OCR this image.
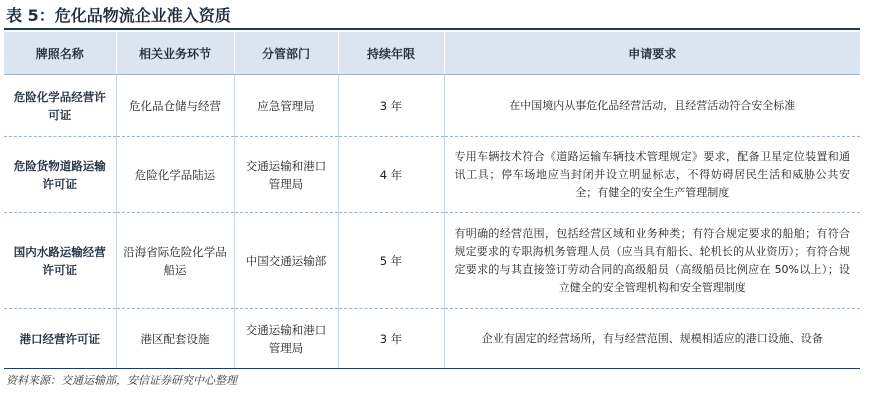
表 5：危化品物流企业准入资质
牌照名称	相关业务环节	分管部门	持续年限	申请要求
危险化学品经营许可证	危化品仓储与经营	应急管理局	3 年	在中国境内从事危化品经营活动，且经营活动符合安全标准
危险货物道路运输许可证	危险化学品陆运	交通运输和港口管理局	4 年	专用车辆技术符合《道路运输车辆技术管理规定》要求，配备卫星定位装置和通讯工具；停车场地应当封闭并设立明显标志，不得妨碍居民生活和威胁公共安全；有健全的安全生产管理制度
国内水路运输经营许可证	沿海省际危险化学品船运	中国交通运输部	5 年	有明确的经营范围，包括经营区域和业务种类；有符合规定要求的船舶；有符合规定要求的专职海机务管理人员（应当具有船长、轮机长的从业资历）；有符合规定要求的与其直接签订劳动合同的高级船员（高级船员比例应在 50%以上）；设立健全的安全管理机构和安全管理制度
港口经营许可证	港区配套设施	交通运输和港口管理局	3 年	企业有固定的经营场所，有与经营范围、规模相适应的港口设施、设备
资料来源：交通运输部，安信证券研究中心整理
